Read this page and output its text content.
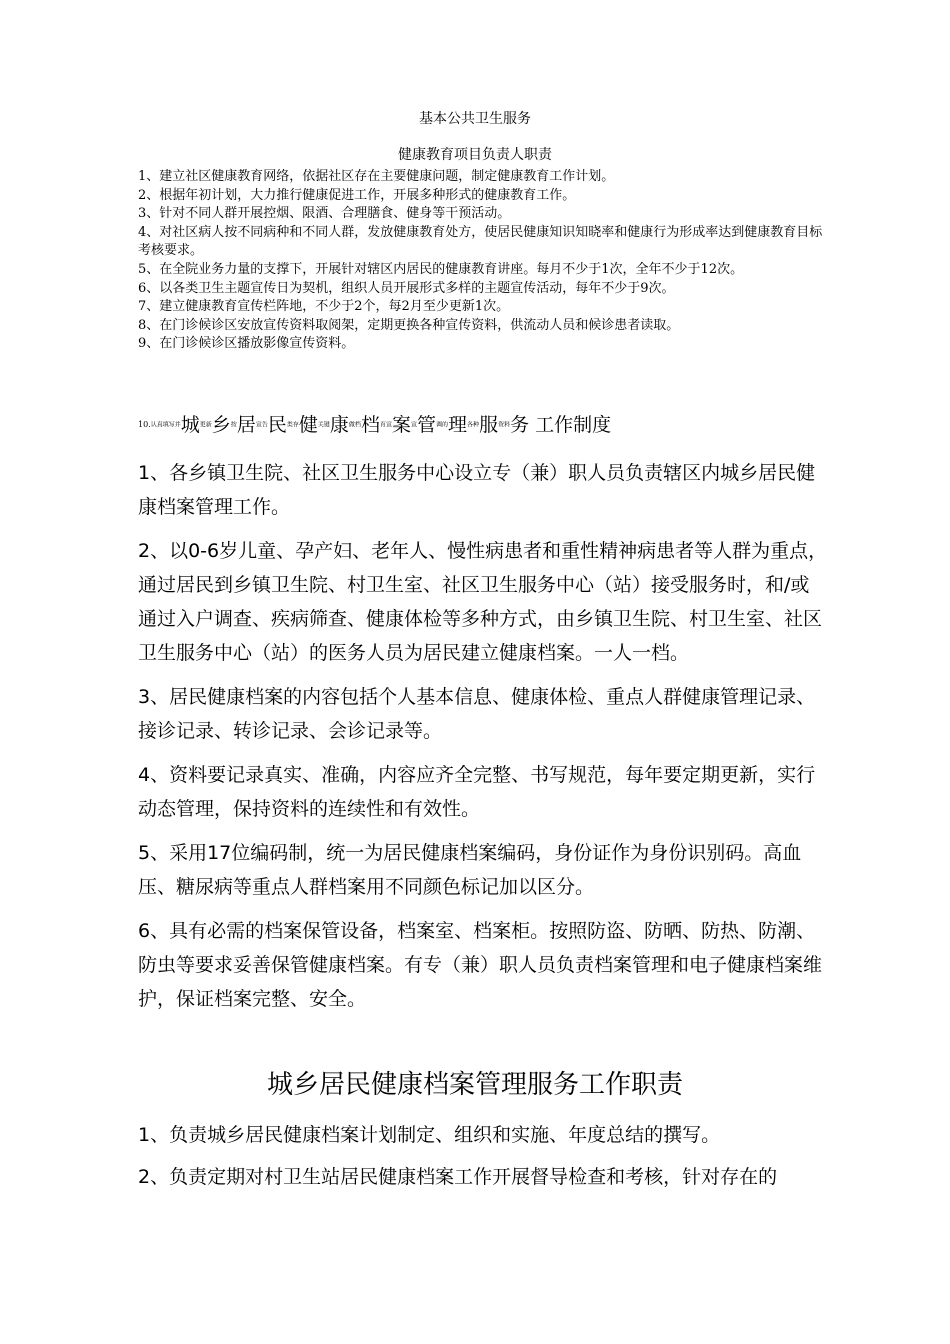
基本公共卫生服务
健康教育项目负责人职责

1、建立社区健康教育网络，依据社区存在主要健康问题，制定健康教育工作计划。

2、根据年初计划，大力推行健康促进工作，开展多种形式的健康教育工作。

3、针对不同人群开展控烟、限酒、合理膳食、健身等干预活动。

4、对社区病人按不同病种和不同人群，发放健康教育处方，使居民健康知识知晓率和健康行为形成率达到健康教育目标考核要求。

5、在全院业务力量的支撑下，开展针对辖区内居民的健康教育讲座。每月不少于1次，全年不少于12次。

6、以各类卫生主题宣传日为契机，组织人员开展形式多样的主题宣传活动，每年不少于9次。

7、建立健康教育宣传栏阵地，不少于2个，每2月至少更新1次。

8、在门诊候诊区安放宣传资料取阅架，定期更换各种宣传资料，供流动人员和候诊患者读取。

9、在门诊候诊区播放影像宣传资料。

$^{10.}$认真填写并城更新乡按居宣告民类存健关键康做档档育宣案宣管调的理各种服资料务 工作制度

1、各乡镇卫生院、社区卫生服务中心设立专（兼）职人员负责辖区内城乡居民健康档案管理工作。

2、以0-6岁儿童、孕产妇、老年人、慢性病患者和重性精神病患者等人群为重点，通过居民到乡镇卫生院、村卫生室、社区卫生服务中心（站）接受服务时，和/或通过入户调查、疾病筛查、健康体检等多种方式，由乡镇卫生院、村卫生室、社区卫生服务中心（站）的医务人员为居民建立健康档案。一人一档。

3、居民健康档案的内容包括个人基本信息、健康体检、重点人群健康管理记录、接诊记录、转诊记录、会诊记录等。

4、资料要记录真实、准确，内容应齐全完整、书写规范，每年要定期更新，实行动态管理，保持资料的连续性和有效性。

5、采用17位编码制，统一为居民健康档案编码，身份证作为身份识别码。高血压、糖尿病等重点人群档案用不同颜色标记加以区分。

6、具有必需的档案保管设备，档案室、档案柜。按照防盗、防晒、防热、防潮、防虫等要求妥善保管健康档案。有专（兼）职人员负责档案管理和电子健康档案维护，保证档案完整、安全。

城乡居民健康档案管理服务工作职责

1、负责城乡居民健康档案计划制定、组织和实施、年度总结的撰写。

2、负责定期对村卫生站居民健康档案工作开展督导检查和考核，针对存在的
